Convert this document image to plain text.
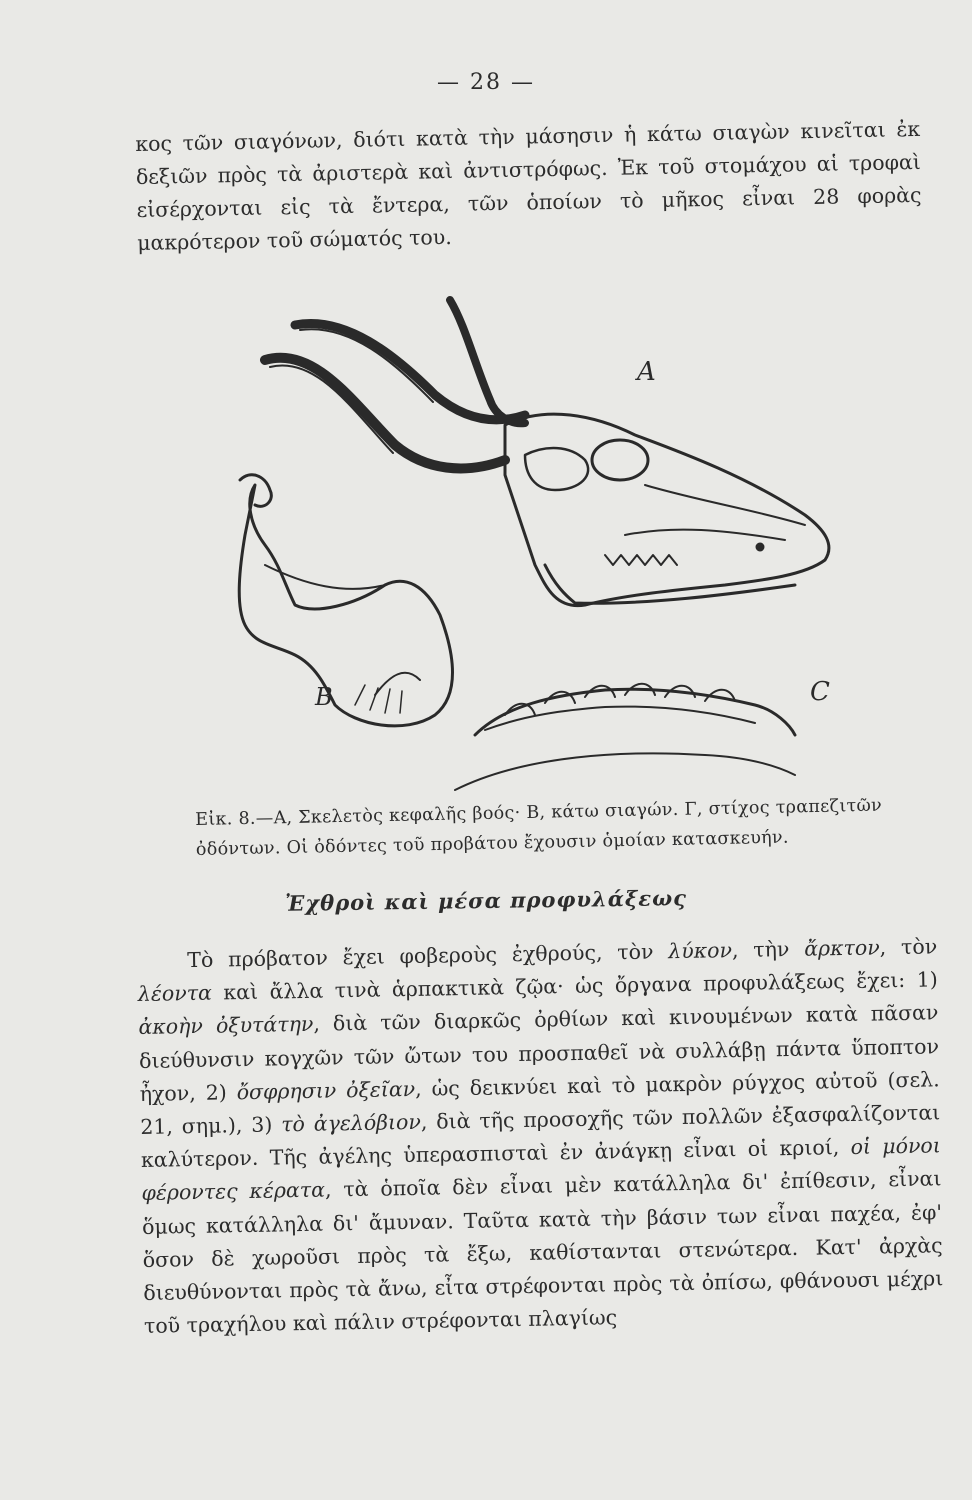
— 28 —
κος τῶν σιαγόνων, διότι κατὰ τὴν μάσησιν ἡ κάτω σιαγὼν κινεῖται ἐκ δεξιῶν πρὸς τὰ ἀριστερὰ καὶ ἀντιστρόφως. Ἐκ τοῦ στομάχου αἱ τροφαὶ εἰσέρχονται εἰς τὰ ἔντερα, τῶν ὁποίων τὸ μῆκος εἶναι 28 φορὰς μακρότερον τοῦ σώματός του.
A
B	C
Εἰκ. 8.—Α, Σκελετὸς κεφαλῆς βοός· Β, κάτω σιαγών. Γ, στίχος τραπεζιτῶν

ὀδόντων. Οἱ ὀδόντες τοῦ προβάτου ἔχουσιν ὁμοίαν κατασκευήν.
Ἐχθροὶ καὶ μέσα προφυλάξεως
Τὸ πρόβατον ἔχει φοβεροὺς ἐχθρούς, τὸν λύκον, τὴν ἄρκτον, τὸν λέοντα καὶ ἄλλα τινὰ ἁρπακτικὰ ζῷα· ὡς ὄργανα προφυλάξεως ἔχει: 1) ἀκοὴν ὀξυτάτην, διὰ τῶν διαρκῶς ὀρθίων καὶ κινουμένων κατὰ πᾶσαν διεύθυνσιν κογχῶν τῶν ὤτων του προσπαθεῖ νὰ συλλάβῃ πάντα ὕποπτον ἦχον, 2) ὄσφρησιν ὀξεῖαν, ὡς δεικνύει καὶ τὸ μακρὸν ρύγχος αὐτοῦ (σελ. 21, σημ.), 3) τὸ ἀγελόβιον, διὰ τῆς προσοχῆς τῶν πολλῶν ἐξασφαλίζονται καλύτερον. Τῆς ἀγέλης ὑπερασπισταὶ ἐν ἀνάγκῃ εἶναι οἱ κριοί, οἱ μόνοι φέροντες κέρατα, τὰ ὁποῖα δὲν εἶναι μὲν κατάλληλα δι' ἐπίθεσιν, εἶναι ὅμως κατάλληλα δι' ἄμυναν. Ταῦτα κατὰ τὴν βάσιν των εἶναι παχέα, ἐφ' ὅσον δὲ χωροῦσι πρὸς τὰ ἔξω, καθίστανται στενώτερα. Κατ' ἀρχὰς διευθύνονται πρὸς τὰ ἄνω, εἶτα στρέφονται πρὸς τὰ ὀπίσω, φθάνουσι μέχρι τοῦ τραχήλου καὶ πάλιν στρέφονται πλαγίως
